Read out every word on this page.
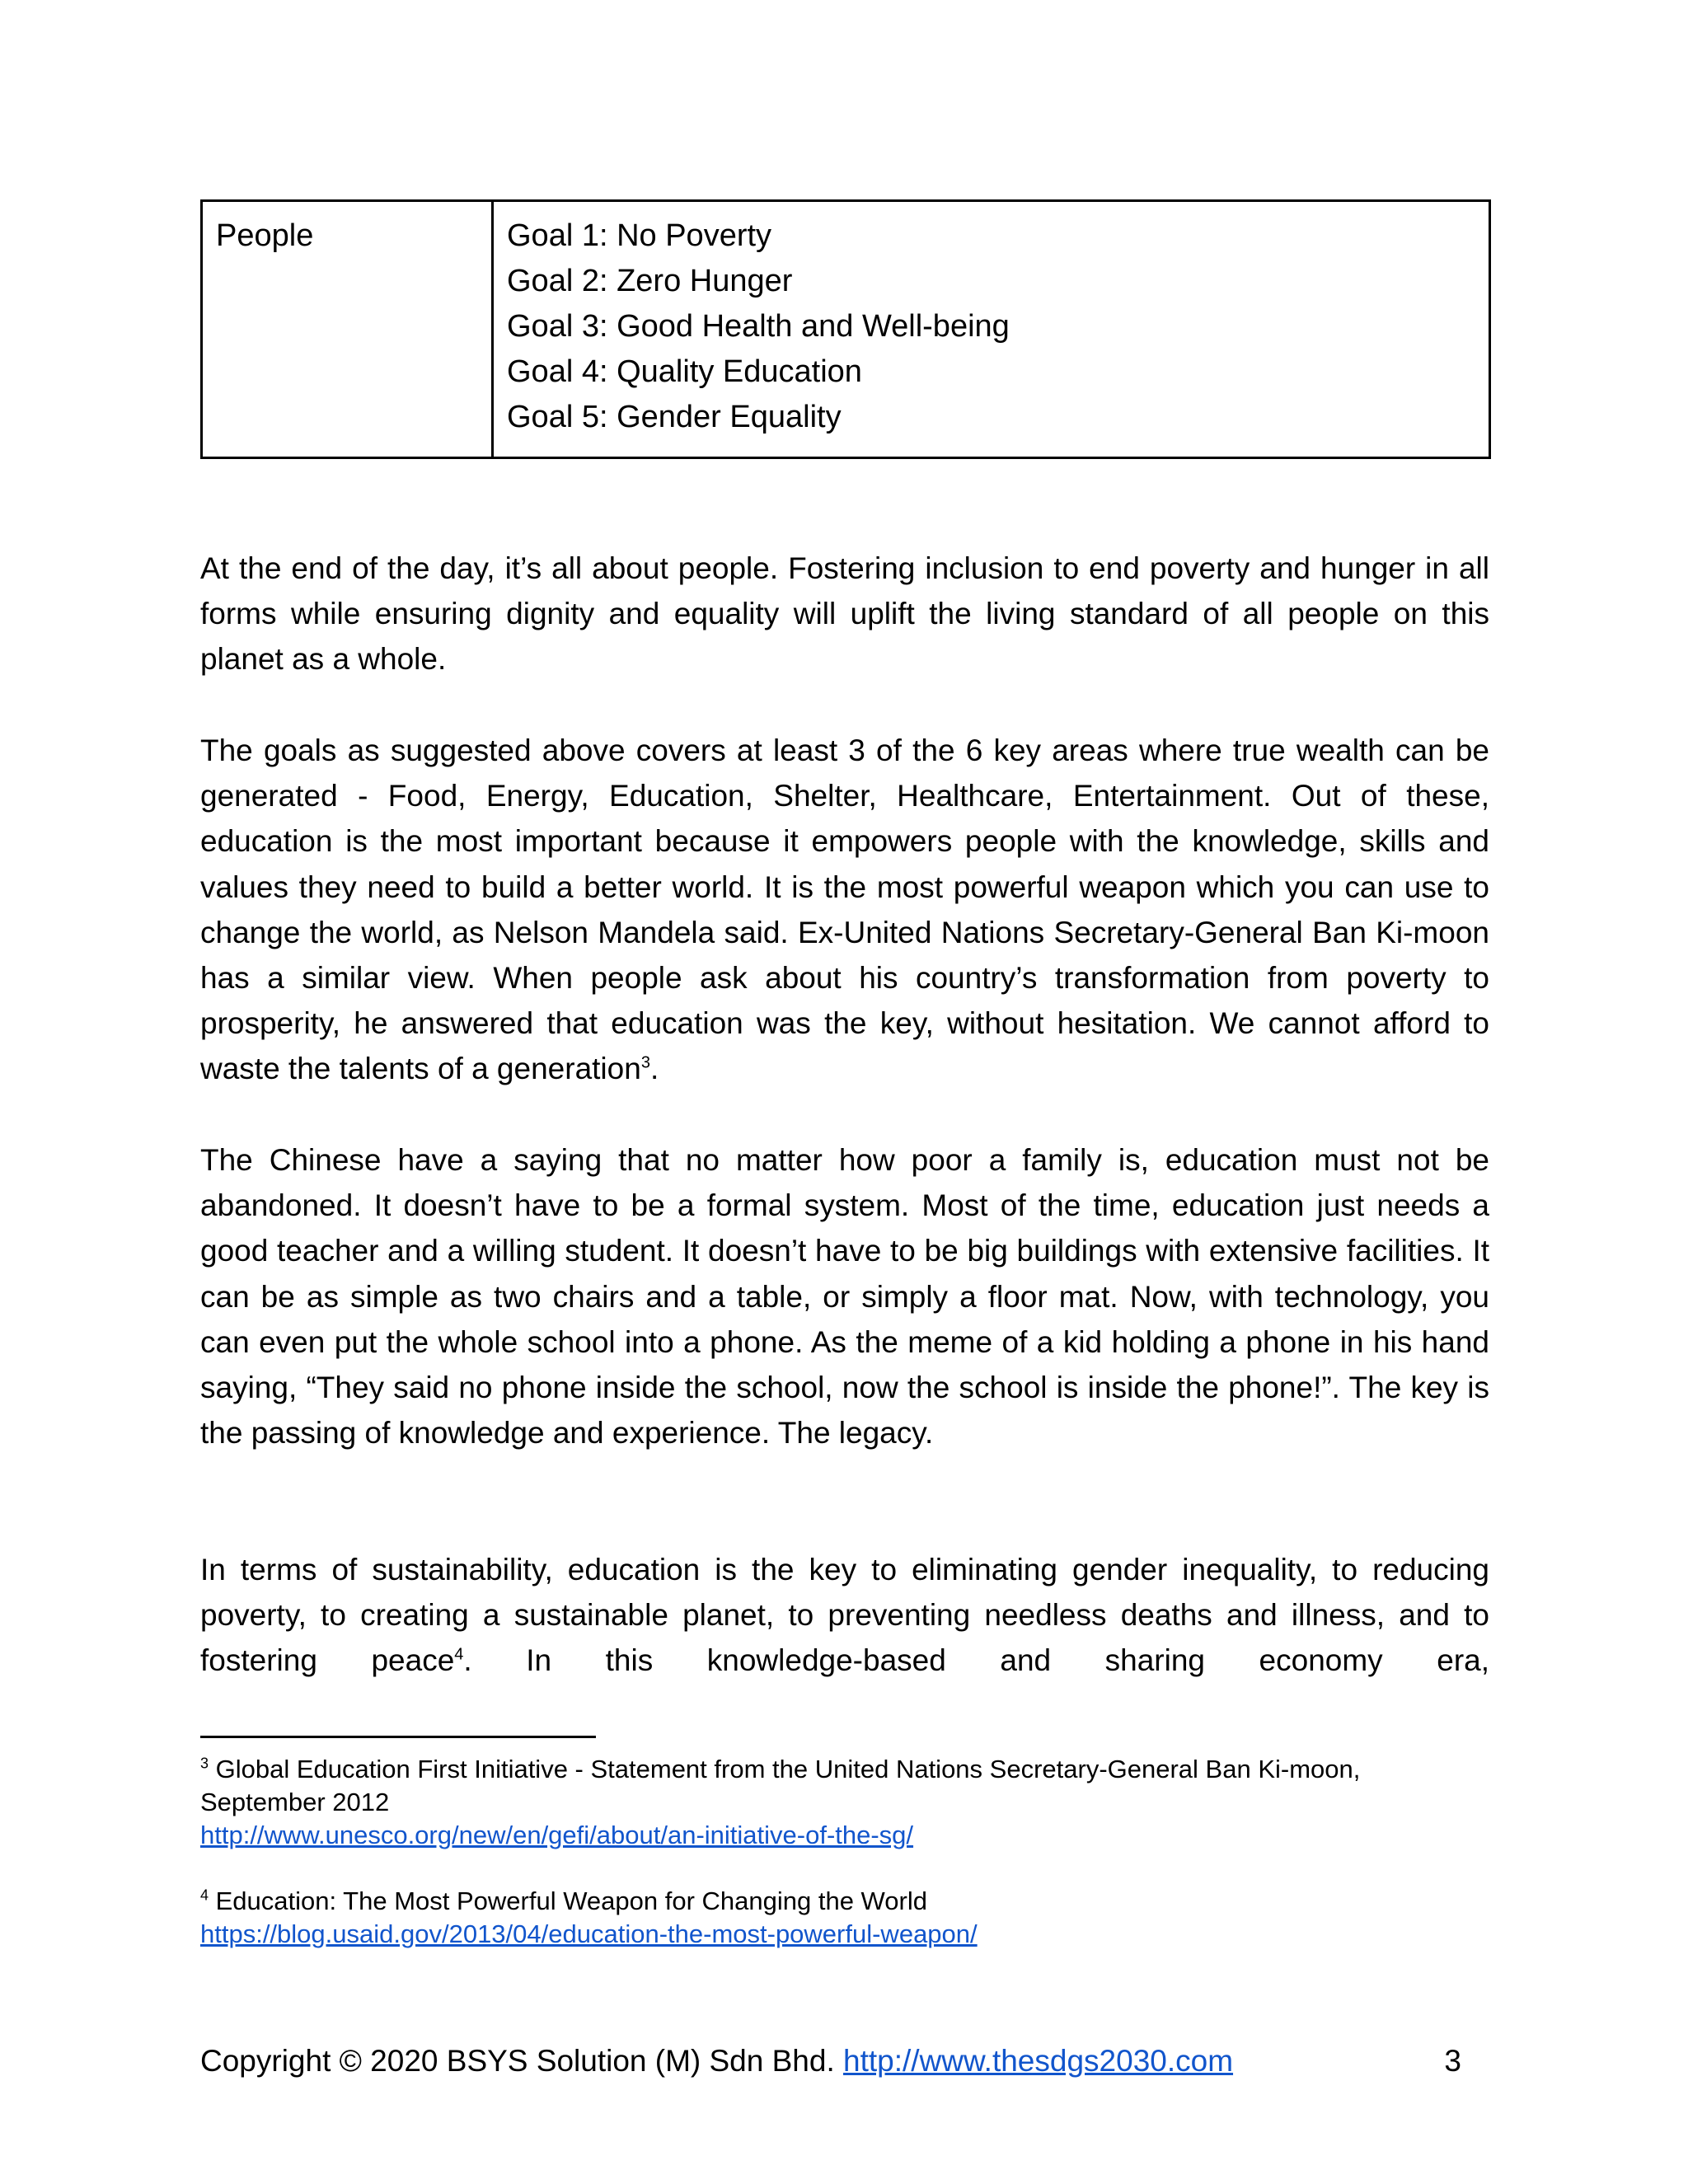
People	Goal 1: No Poverty
Goal 2: Zero Hunger
Goal 3: Good Health and Well-being
Goal 4: Quality Education
Goal 5: Gender Equality

At the end of the day, it’s all about people. Fostering inclusion to end poverty and hunger in all forms while ensuring dignity and equality will uplift the living standard of all people on this planet as a whole.

The goals as suggested above covers at least 3 of the 6 key areas where true wealth can be generated - Food, Energy, Education, Shelter, Healthcare, Entertainment. Out of these, education is the most important because it empowers people with the knowledge, skills and values they need to build a better world. It is the most powerful weapon which you can use to change the world, as Nelson Mandela said. Ex-United Nations Secretary-General Ban Ki-moon has a similar view. When people ask about his country’s transformation from poverty to prosperity, he answered that education was the key, without hesitation. We cannot afford to waste the talents of a generation$^3$.

The Chinese have a saying that no matter how poor a family is, education must not be abandoned. It doesn’t have to be a formal system. Most of the time, education just needs a good teacher and a willing student. It doesn’t have to be big buildings with extensive facilities. It can be as simple as two chairs and a table, or simply a floor mat. Now, with technology, you can even put the whole school into a phone. As the meme of a kid holding a phone in his hand saying, “They said no phone inside the school, now the school is inside the phone!”. The key is the passing of knowledge and experience. The legacy.

In terms of sustainability, education is the key to eliminating gender inequality, to reducing poverty, to creating a sustainable planet, to preventing needless deaths and illness, and to fostering peace$^4$. In this knowledge-based and sharing economy era,

$^3$ Global Education First Initiative - Statement from the United Nations Secretary-General Ban Ki-moon, September 2012
http://www.unesco.org/new/en/gefi/about/an-initiative-of-the-sg/
$^4$ Education: The Most Powerful Weapon for Changing the World
https://blog.usaid.gov/2013/04/education-the-most-powerful-weapon/
Copyright © 2020 BSYS Solution (M) Sdn Bhd. http://www.thesdgs2030.com	3
